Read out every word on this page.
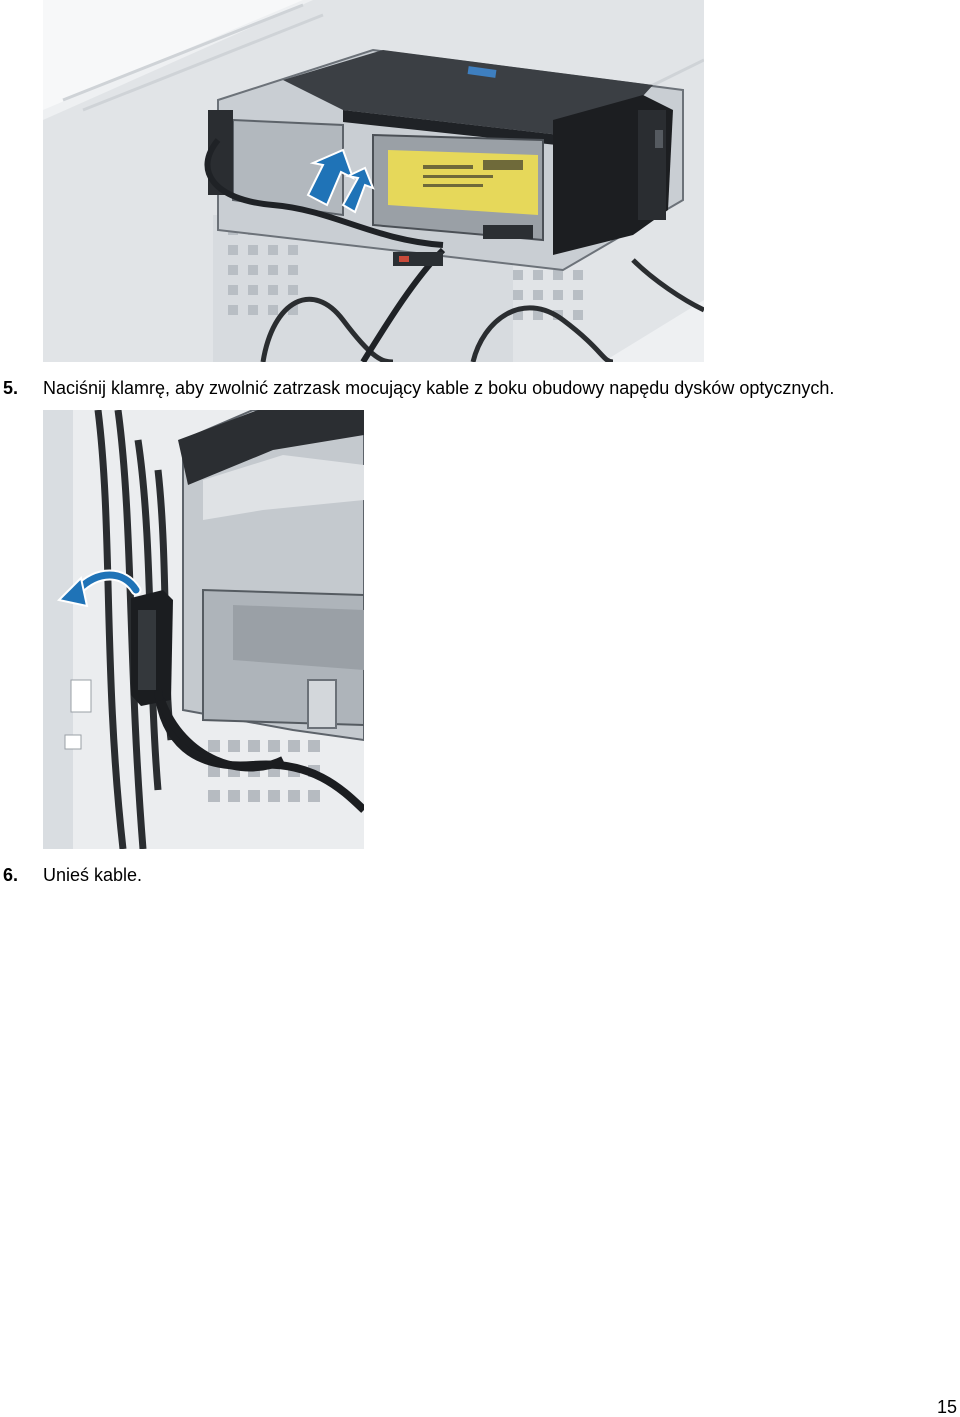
5. Naciśnij klamrę, aby zwolnić zatrzask mocujący kable z boku obudowy napędu dysków optycznych.
6. Unieś kable.
15
